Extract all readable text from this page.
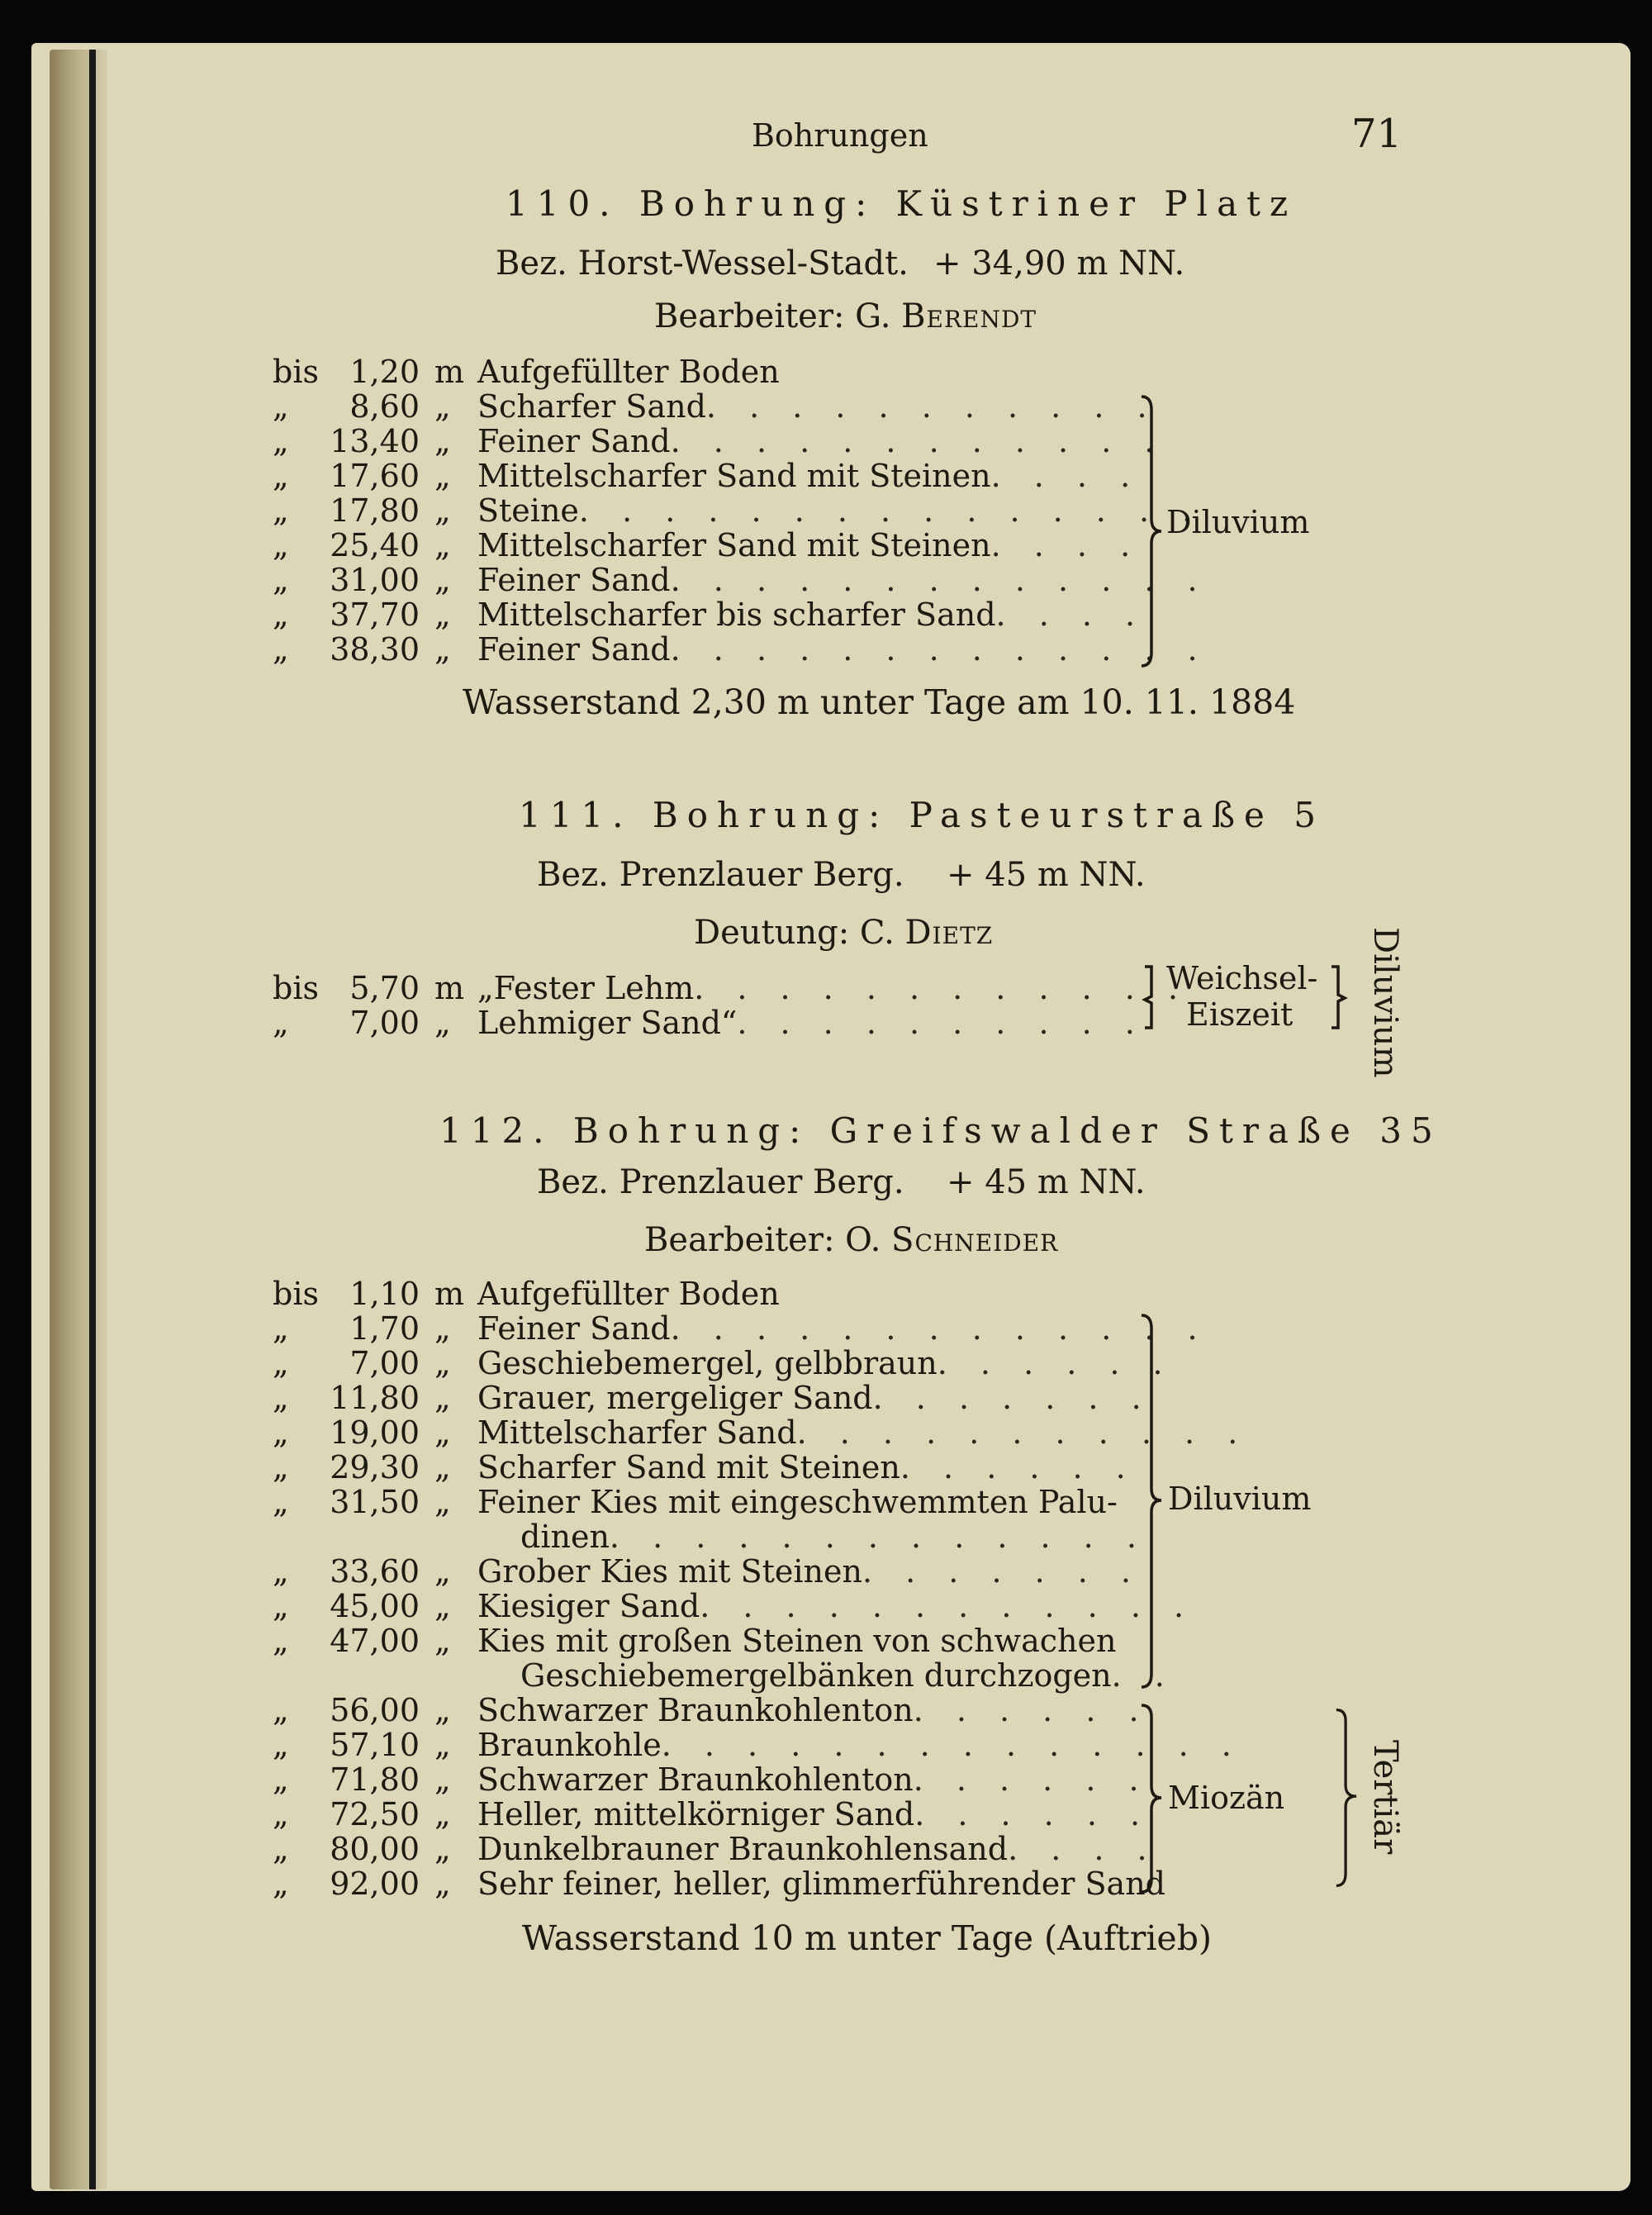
Bohrungen	71
110. Bohrung: Küstriner Platz
Bez. Horst-Wessel-Stadt. + 34,90 m NN.
Bearbeiter: G. Berendt
bis 1,20 m Aufgefüllter Boden
„	8,60 „ Scharfer Sand. . . . . . . . . . .
„	13,40 „ Feiner Sand. . . . . . . . . . . .
„	17,60 „ Mittelscharfer Sand mit Steinen. . . .
„	17,80 „ Steine. . . . . . . . . . . . . . .
„	25,40 „ Mittelscharfer Sand mit Steinen. . . .
„	31,00 „ Feiner Sand. . . . . . . . . . . . .
„	37,70 „ Mittelscharfer bis scharfer Sand. . . .
„	38,30 „ Feiner Sand. . . . . . . . . . . . .
Diluvium
Wasserstand 2,30 m unter Tage am 10. 11. 1884
111. Bohrung: Pasteurstraße 5
Bez. Prenzlauer Berg. + 45 m NN.
Deutung: C. Dietz
bis 5,70 m „Fester Lehm. . . . . . . . . . . .
„	7,00 „ Lehmiger Sand“. . . . . . . . . .
Weichsel-
Eiszeit Diluvium
112. Bohrung: Greifswalder Straße 35
Bez. Prenzlauer Berg. + 45 m NN.
Bearbeiter: O. Schneider
bis 1,10 m Aufgefüllter Boden
„	1,70 „ Feiner Sand. . . . . . . . . . . . .
„	7,00 „ Geschiebemergel, gelbbraun. . . . . .
„	11,80 „ Grauer, mergeliger Sand. . . . . . .
„	19,00 „ Mittelscharfer Sand. . . . . . . . . . .
„	29,30 „ Scharfer Sand mit Steinen. . . . . .
„	31,50 „ Feiner Kies mit eingeschwemmten Palu-
dinen. . . . . . . . . . . . .
„	33,60 „ Grober Kies mit Steinen. . . . . . .
„	45,00 „ Kiesiger Sand. . . . . . . . . . . .
„	47,00 „ Kies mit großen Steinen von schwachen
Geschiebemergelbänken durchzogen. .
„	56,00 „ Schwarzer Braunkohlenton. . . . . .
„	57,10 „ Braunkohle. . . . . . . . . . . . . .
„	71,80 „ Schwarzer Braunkohlenton. . . . . .
„	72,50 „ Heller, mittelkörniger Sand. . . . . .
„	80,00 „ Dunkelbrauner Braunkohlensand. . . .
„	92,00 „ Sehr feiner, heller, glimmerführender Sand
Diluvium
Miozän Tertiär
Wasserstand 10 m unter Tage (Auftrieb)
